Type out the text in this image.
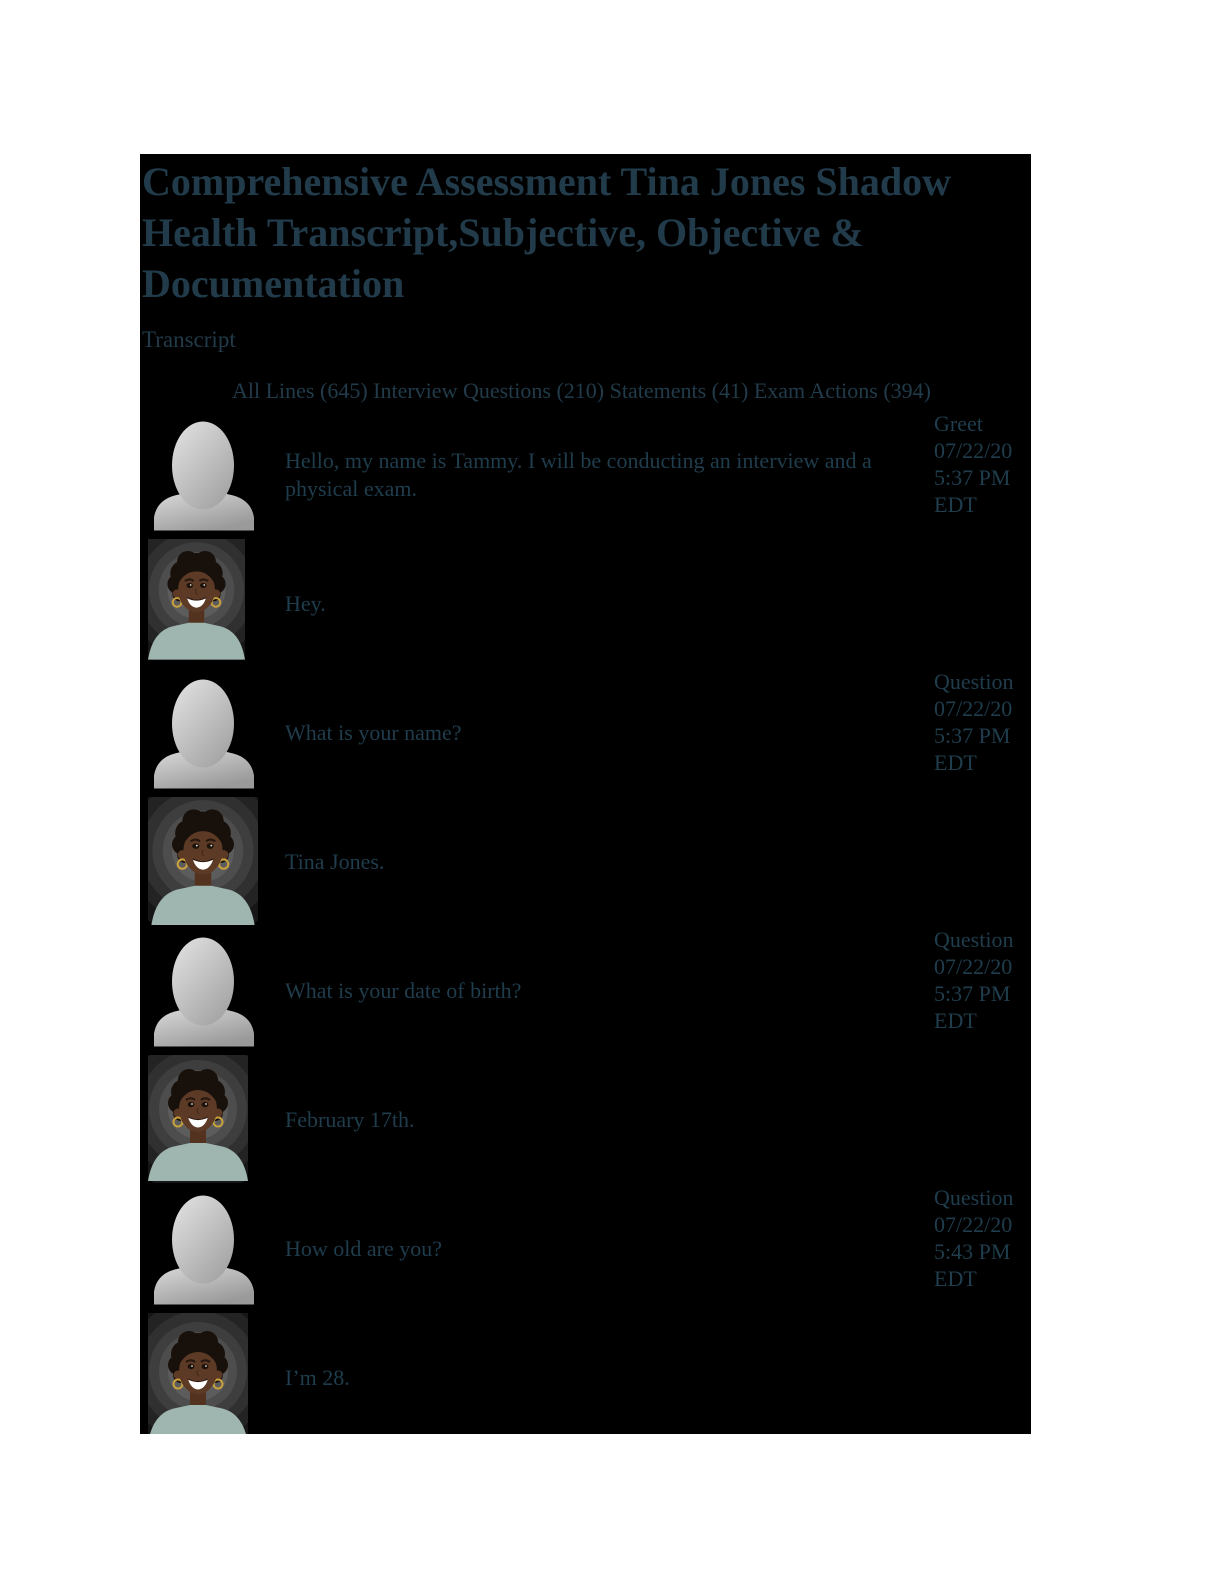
Comprehensive Assessment Tina Jones Shadow Health Transcript,Subjective, Objective & Documentation
Transcript
All Lines (645) Interview Questions (210) Statements (41) Exam Actions (394)

Hello, my name is Tammy. I will be conducting an interview and a physical exam.

Greet
07/22/20
5:37 PM
EDT

Hey.

What is your name?

Question
07/22/20
5:37 PM
EDT

Tina Jones.

What is your date of birth?

Question
07/22/20
5:37 PM
EDT

February 17th.

How old are you?

Question
07/22/20
5:43 PM
EDT

I’m 28.
